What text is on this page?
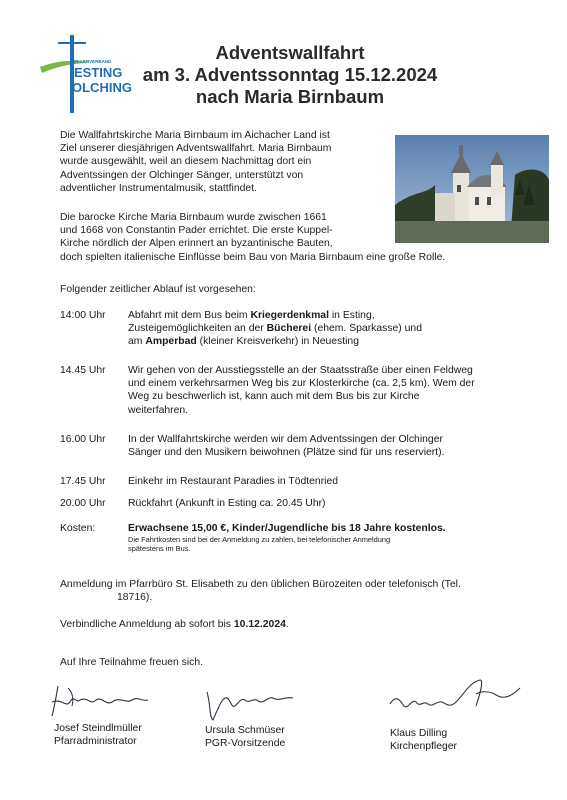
PFARRVERBAND
ESTING
OLCHING
Adventswallfahrt
am 3. Adventssonntag 15.12.2024
nach Maria Birnbaum
Die Wallfahrtskirche Maria Birnbaum im Aichacher Land ist
Ziel unserer diesjährigen Adventswallfahrt. Maria Birnbaum
wurde ausgewählt, weil an diesem Nachmittag dort ein
Adventssingen der Olchinger Sänger, unterstützt von
adventlicher Instrumentalmusik, stattfindet.
Die barocke Kirche Maria Birnbaum wurde zwischen 1661
und 1668 von Constantin Pader errichtet. Die erste Kuppel-
Kirche nördlich der Alpen erinnert an byzantinische Bauten,
doch spielten italienische Einflüsse beim Bau von Maria Birnbaum eine große Rolle.
Folgender zeitlicher Ablauf ist vorgesehen:
14:00 Uhr	Abfahrt mit dem Bus beim Kriegerdenkmal in Esting,
Zusteigemöglichkeiten an der Bücherei (ehem. Sparkasse) und
am Amperbad (kleiner Kreisverkehr) in Neuesting
14.45 Uhr	Wir gehen von der Ausstiegsstelle an der Staatsstraße über einen Feldweg
und einem verkehrsarmen Weg bis zur Klosterkirche (ca. 2,5 km). Wem der
Weg zu beschwerlich ist, kann auch mit dem Bus bis zur Kirche
weiterfahren.
16.00 Uhr	In der Wallfahrtskirche werden wir dem Adventssingen der Olchinger
Sänger und den Musikern beiwohnen (Plätze sind für uns reserviert).
17.45 Uhr	Einkehr im Restaurant Paradies in Tödtenried
20.00 Uhr	Rückfahrt (Ankunft in Esting ca. 20.45 Uhr)
Kosten:	Erwachsene 15,00 €, Kinder/Jugendliche bis 18 Jahre kostenlos.
Die Fahrtkosten sind bei der Anmeldung zu zahlen, bei telefonischer Anmeldung
spätestens im Bus.
Anmeldung im Pfarrbüro St. Elisabeth zu den üblichen Bürozeiten oder telefonisch (Tel.
18716).
Verbindliche Anmeldung ab sofort bis 10.12.2024.
Auf Ihre Teilnahme freuen sich.
Josef Steindlmüller
Pfarradministrator
Ursula Schmüser
PGR-Vorsitzende
Klaus Dilling
Kirchenpfleger
